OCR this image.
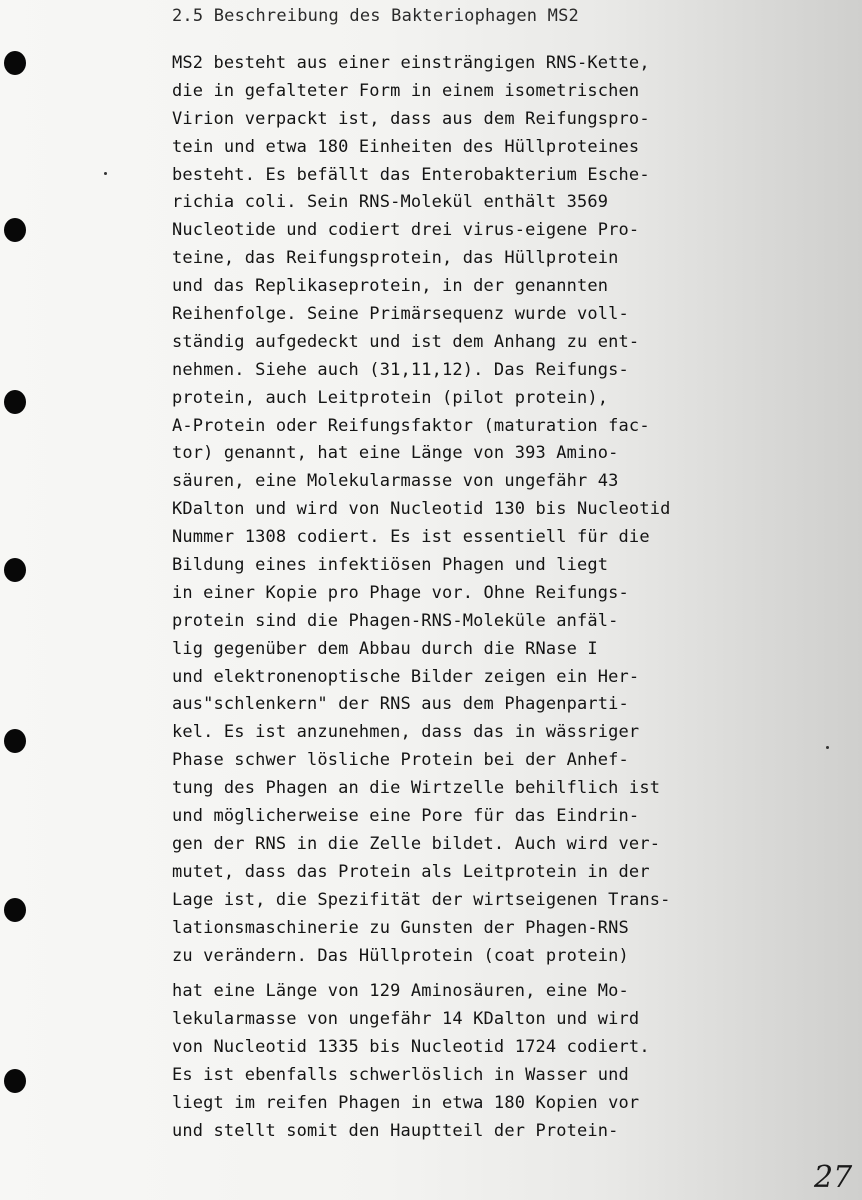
2.5 Beschreibung des Bakteriophagen MS2
MS2 besteht aus einer einsträngigen RNS-Kette,
die in gefalteter Form in einem isometrischen
Virion verpackt ist, dass aus dem Reifungspro-
tein und etwa 180 Einheiten des Hüllproteines
besteht. Es befällt das Enterobakterium Esche-
richia coli. Sein RNS-Molekül enthält 3569
Nucleotide und codiert drei virus-eigene Pro-
teine, das Reifungsprotein, das Hüllprotein
und das Replikaseprotein, in der genannten
Reihenfolge. Seine Primärsequenz wurde voll-
ständig aufgedeckt und ist dem Anhang zu ent-
nehmen. Siehe auch (31,11,12). Das Reifungs-
protein, auch Leitprotein (pilot protein),
A-Protein oder Reifungsfaktor (maturation fac-
tor) genannt, hat eine Länge von 393 Amino-
säuren, eine Molekularmasse von ungefähr 43
KDalton und wird von Nucleotid 130 bis Nucleotid
Nummer 1308 codiert. Es ist essentiell für die
Bildung eines infektiösen Phagen und liegt
in einer Kopie pro Phage vor. Ohne Reifungs-
protein sind die Phagen-RNS-Moleküle anfäl-
lig gegenüber dem Abbau durch die RNase I
und elektronenoptische Bilder zeigen ein Her-
aus"schlenkern" der RNS aus dem Phagenparti-
kel. Es ist anzunehmen, dass das in wässriger
Phase schwer lösliche Protein bei der Anhef-
tung des Phagen an die Wirtzelle behilflich ist
und möglicherweise eine Pore für das Eindrin-
gen der RNS in die Zelle bildet. Auch wird ver-
mutet, dass das Protein als Leitprotein in der
Lage ist, die Spezifität der wirtseigenen Trans-
lationsmaschinerie zu Gunsten der Phagen-RNS
zu verändern. Das Hüllprotein (coat protein)
hat eine Länge von 129 Aminosäuren, eine Mo-
lekularmasse von ungefähr 14 KDalton und wird
von Nucleotid 1335 bis Nucleotid 1724 codiert.
Es ist ebenfalls schwerlöslich in Wasser und
liegt im reifen Phagen in etwa 180 Kopien vor
und stellt somit den Hauptteil der Protein-
27
